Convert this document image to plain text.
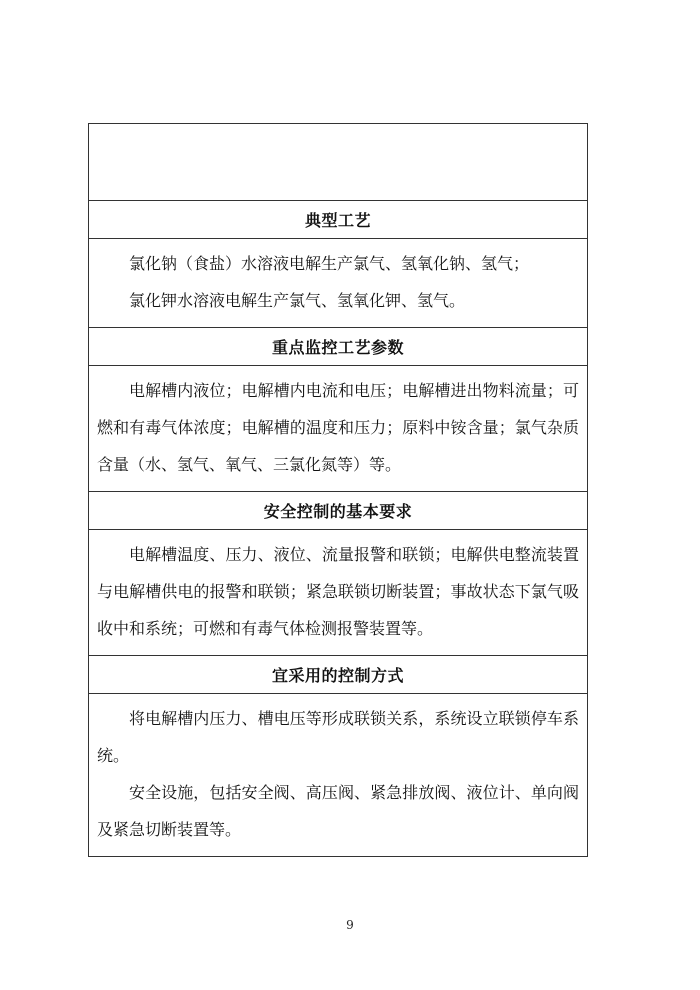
典型工艺

氯化钠（食盐）水溶液电解生产氯气、氢氧化钠、氢气；

氯化钾水溶液电解生产氯气、氢氧化钾、氢气。

重点监控工艺参数

电解槽内液位；电解槽内电流和电压；电解槽进出物料流量；可燃和有毒气体浓度；电解槽的温度和压力；原料中铵含量；氯气杂质含量（水、氢气、氧气、三氯化氮等）等。

安全控制的基本要求

电解槽温度、压力、液位、流量报警和联锁；电解供电整流装置与电解槽供电的报警和联锁；紧急联锁切断装置；事故状态下氯气吸收中和系统；可燃和有毒气体检测报警装置等。

宜采用的控制方式

将电解槽内压力、槽电压等形成联锁关系，系统设立联锁停车系统。

安全设施，包括安全阀、高压阀、紧急排放阀、液位计、单向阀及紧急切断装置等。

9
